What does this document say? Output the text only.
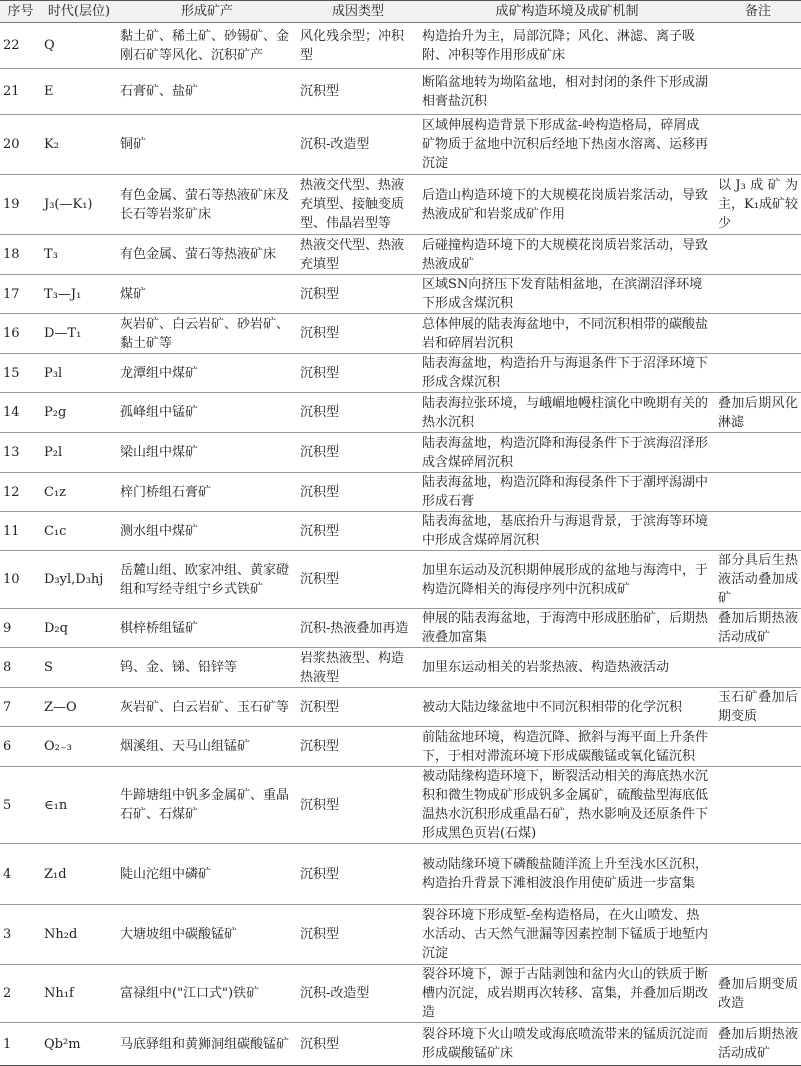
序号	时代(层位)	形成矿产	成因类型	成矿构造环境及成矿机制	备注
22	Q	黏土矿、稀土矿、砂锡矿、金刚石矿等风化、沉积矿产	风化残余型；冲积型	构造抬升为主，局部沉降；风化、淋滤、离子吸附、冲积等作用形成矿床	
21	E	石膏矿、盐矿	沉积型	断陷盆地转为坳陷盆地，相对封闭的条件下形成湖相膏盐沉积	
20	K₂	铜矿	沉积-改造型	区域伸展构造背景下形成盆-岭构造格局，碎屑成矿物质于盆地中沉积后经地下热卤水溶离、运移再沉淀	
19	J₃(—K₁)	有色金属、萤石等热液矿床及长石等岩浆矿床	热液交代型、热液充填型、接触变质型、伟晶岩型等	后造山构造环境下的大规模花岗质岩浆活动，导致热液成矿和岩浆成矿作用	以J₃成矿为主，K₁成矿较少
18	T₃	有色金属、萤石等热液矿床	热液交代型、热液充填型	后碰撞构造环境下的大规模花岗质岩浆活动，导致热液成矿	
17	T₃—J₁	煤矿	沉积型	区域SN向挤压下发育陆相盆地，在滨湖沼泽环境下形成含煤沉积	
16	D—T₁	灰岩矿、白云岩矿、砂岩矿、黏土矿等	沉积型	总体伸展的陆表海盆地中，不同沉积相带的碳酸盐岩和碎屑岩沉积	
15	P₃l	龙潭组中煤矿	沉积型	陆表海盆地，构造抬升与海退条件下于沼泽环境下形成含煤沉积	
14	P₂g	孤峰组中锰矿	沉积型	陆表海拉张环境，与峨嵋地幔柱演化中晚期有关的热水沉积	叠加后期风化淋滤
13	P₂l	梁山组中煤矿	沉积型	陆表海盆地，构造沉降和海侵条件下于滨海沼泽形成含煤碎屑沉积	
12	C₁z	梓门桥组石膏矿	沉积型	陆表海盆地，构造沉降和海侵条件下于潮坪潟湖中形成石膏	
11	C₁c	测水组中煤矿	沉积型	陆表海盆地，基底抬升与海退背景，于滨海等环境中形成含煤碎屑沉积	
10	D₃yl,D₃hj	岳麓山组、欧家冲组、黄家磴组和写经寺组宁乡式铁矿	沉积型	加里东运动及沉积期伸展形成的盆地与海湾中，于构造沉降相关的海侵序列中沉积成矿	部分具后生热液活动叠加成矿
9	D₂q	棋梓桥组锰矿	沉积-热液叠加再造	伸展的陆表海盆地，于海湾中形成胚胎矿，后期热液叠加富集	叠加后期热液活动成矿
8	S	钨、金、锑、铅锌等	岩浆热液型、构造热液型	加里东运动相关的岩浆热液、构造热液活动	
7	Z—O	灰岩矿、白云岩矿、玉石矿等	沉积型	被动大陆边缘盆地中不同沉积相带的化学沉积	玉石矿叠加后期变质
6	O₂₋₃	烟溪组、天马山组锰矿	沉积型	前陆盆地环境，构造沉降、掀斜与海平面上升条件下，于相对滞流环境下形成碳酸锰或氧化锰沉积	
5	∈₁n	牛蹄塘组中钒多金属矿、重晶石矿、石煤矿	沉积型	被动陆缘构造环境下，断裂活动相关的海底热水沉积和微生物成矿形成钒多金属矿，硫酸盐型海底低温热水沉积形成重晶石矿，热水影响及还原条件下形成黑色页岩(石煤)	
4	Z₁d	陡山沱组中磷矿	沉积型	被动陆缘环境下磷酸盐随洋流上升至浅水区沉积，构造抬升背景下滩相波浪作用使矿质进一步富集	
3	Nh₂d	大塘坡组中碳酸锰矿	沉积型	裂谷环境下形成堑-垒构造格局，在火山喷发、热水活动、古天然气泄漏等因素控制下锰质于地堑内沉淀	
2	Nh₁f	富禄组中("江口式")铁矿	沉积-改造型	裂谷环境下，源于古陆剥蚀和盆内火山的铁质于断槽内沉淀，成岩期再次转移、富集，并叠加后期改造	叠加后期变质改造
1	Qb²m	马底驿组和黄狮洞组碳酸锰矿	沉积型	裂谷环境下火山喷发或海底喷流带来的锰质沉淀而形成碳酸锰矿床	叠加后期热液活动成矿
